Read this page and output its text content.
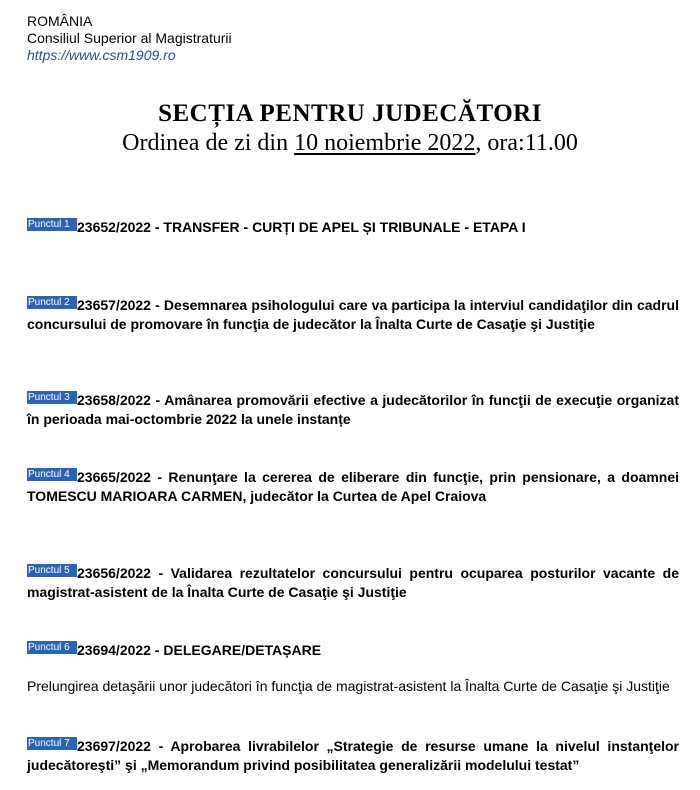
ROMÂNIA
Consiliul Superior al Magistraturii
https://www.csm1909.ro
SECȚIA PENTRU JUDECĂTORI
Ordinea de zi din 10 noiembrie 2022, ora:11.00
Punctul 1 23652/2022 - TRANSFER - CURȚI DE APEL ȘI TRIBUNALE - ETAPA I
Punctul 2 23657/2022 - Desemnarea psihologului care va participa la interviul candidaţilor din cadrul concursului de promovare în funcţia de judecător la Înalta Curte de Casaţie şi Justiţie
Punctul 3 23658/2022 - Amânarea promovării efective a judecătorilor în funcţii de execuţie organizat în perioada mai-octombrie 2022 la unele instanțe
Punctul 4 23665/2022 - Renunţare la cererea de eliberare din funcţie, prin pensionare, a doamnei TOMESCU MARIOARA CARMEN, judecător la Curtea de Apel Craiova
Punctul 5 23656/2022 - Validarea rezultatelor concursului pentru ocuparea posturilor vacante de magistrat-asistent de la Înalta Curte de Casaţie şi Justiţie
Punctul 6 23694/2022 - DELEGARE/DETAȘARE
Prelungirea detaşării unor judecători în funcţia de magistrat-asistent la Înalta Curte de Casaţie şi Justiţie
Punctul 7 23697/2022 - Aprobarea livrabilelor „Strategie de resurse umane la nivelul instanţelor judecătoreşti” şi „Memorandum privind posibilitatea generalizării modelului testat”
